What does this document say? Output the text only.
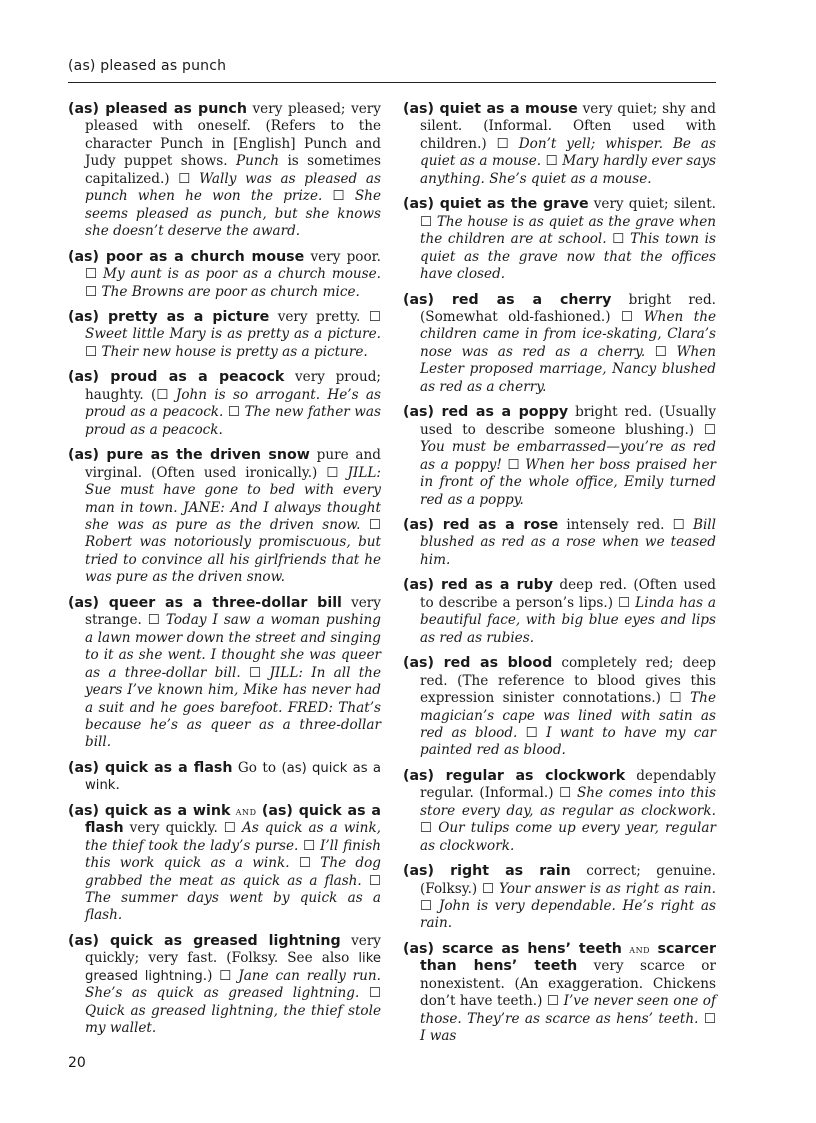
(as) pleased as punch

(as) pleased as punch very pleased; very pleased with oneself. (Refers to the character Punch in [English] Punch and Judy puppet shows. Punch is sometimes capitalized.) ☐ Wally was as pleased as punch when he won the prize. ☐ She seems pleased as punch, but she knows she doesn’t deserve the award.

(as) poor as a church mouse very poor. ☐ My aunt is as poor as a church mouse. ☐ The Browns are poor as church mice.

(as) pretty as a picture very pretty. ☐ Sweet little Mary is as pretty as a picture. ☐ Their new house is pretty as a picture.

(as) proud as a peacock very proud; haughty. (☐ John is so arrogant. He’s as proud as a peacock. ☐ The new father was proud as a peacock.

(as) pure as the driven snow pure and virginal. (Often used ironically.) ☐ JILL: Sue must have gone to bed with every man in town. JANE: And I always thought she was as pure as the driven snow. ☐ Robert was notoriously promiscuous, but tried to convince all his girlfriends that he was pure as the driven snow.

(as) queer as a three-dollar bill very strange. ☐ Today I saw a woman pushing a lawn mower down the street and singing to it as she went. I thought she was queer as a three-dollar bill. ☐ JILL: In all the years I’ve known him, Mike has never had a suit and he goes barefoot. FRED: That’s because he’s as queer as a three-dollar bill.

(as) quick as a flash Go to (as) quick as a wink.

(as) quick as a wink and (as) quick as a flash very quickly. ☐ As quick as a wink, the thief took the lady’s purse. ☐ I’ll finish this work quick as a wink. ☐ The dog grabbed the meat as quick as a flash. ☐ The summer days went by quick as a flash.

(as) quick as greased lightning very quickly; very fast. (Folksy. See also like greased lightning.) ☐ Jane can really run. She’s as quick as greased lightning. ☐ Quick as greased lightning, the thief stole my wallet.

(as) quiet as a mouse very quiet; shy and silent. (Informal. Often used with children.) ☐ Don’t yell; whisper. Be as quiet as a mouse. ☐ Mary hardly ever says anything. She’s quiet as a mouse.

(as) quiet as the grave very quiet; silent. ☐ The house is as quiet as the grave when the children are at school. ☐ This town is quiet as the grave now that the offices have closed.

(as) red as a cherry bright red. (Somewhat old-fashioned.) ☐ When the children came in from ice-skating, Clara’s nose was as red as a cherry. ☐ When Lester proposed marriage, Nancy blushed as red as a cherry.

(as) red as a poppy bright red. (Usually used to describe someone blushing.) ☐ You must be embarrassed—you’re as red as a poppy! ☐ When her boss praised her in front of the whole office, Emily turned red as a poppy.

(as) red as a rose intensely red. ☐ Bill blushed as red as a rose when we teased him.

(as) red as a ruby deep red. (Often used to describe a person’s lips.) ☐ Linda has a beautiful face, with big blue eyes and lips as red as rubies.

(as) red as blood completely red; deep red. (The reference to blood gives this expression sinister connotations.) ☐ The magician’s cape was lined with satin as red as blood. ☐ I want to have my car painted red as blood.

(as) regular as clockwork dependably regular. (Informal.) ☐ She comes into this store every day, as regular as clockwork. ☐ Our tulips come up every year, regular as clockwork.

(as) right as rain correct; genuine. (Folksy.) ☐ Your answer is as right as rain. ☐ John is very dependable. He’s right as rain.

(as) scarce as hens’ teeth and scarcer than hens’ teeth very scarce or nonexistent. (An exaggeration. Chickens don’t have teeth.) ☐ I’ve never seen one of those. They’re as scarce as hens’ teeth. ☐ I was

20
